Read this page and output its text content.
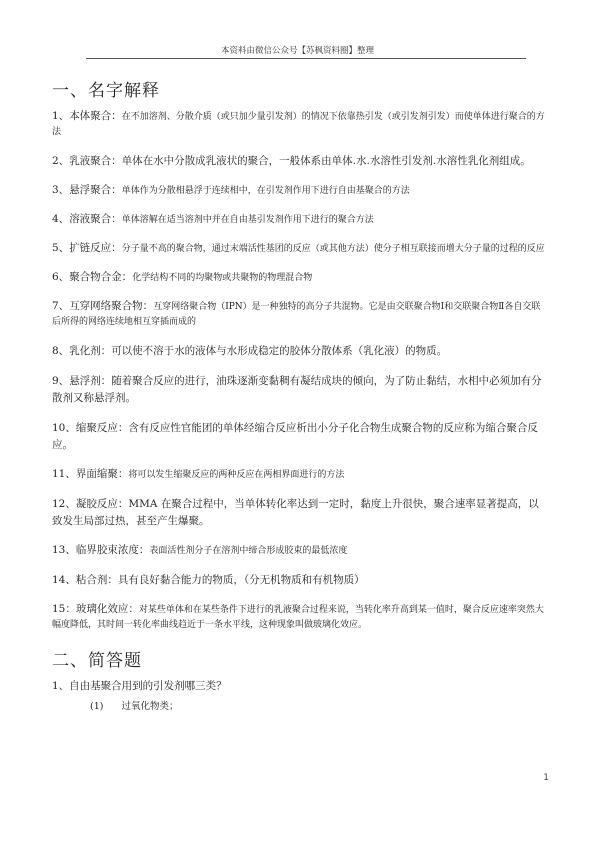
本资料由微信公众号【苏枫资料圈】整理
一、名字解释
1、本体聚合：在不加溶剂、分散介质（或只加少量引发剂）的情况下依靠热引发（或引发剂引发）而使单体进行聚合的方法
2、乳液聚合：单体在水中分散成乳液状的聚合，一般体系由单体.水.水溶性引发剂.水溶性乳化剂组成。
3、悬浮聚合：单体作为分散相悬浮于连续相中，在引发剂作用下进行自由基聚合的方法
4、溶液聚合：单体溶解在适当溶剂中并在自由基引发剂作用下进行的聚合方法
5、扩链反应：分子量不高的聚合物，通过末端活性基团的反应（或其他方法）使分子相互联接而增大分子量的过程的反应
6、聚合物合金：化学结构不同的均聚物或共聚物的物理混合物
7、互穿网络聚合物：互穿网络聚合物（IPN）是一种独特的高分子共混物。它是由交联聚合物Ⅰ和交联聚合物Ⅱ各自交联后所得的网络连续地相互穿插而成的
8、乳化剂：可以使不溶于水的液体与水形成稳定的胶体分散体系（乳化液）的物质。
9、悬浮剂：随着聚合反应的进行，油珠逐渐变黏稠有凝结成块的倾向，为了防止黏结，水相中必须加有分散剂又称悬浮剂。
10、缩聚反应：含有反应性官能团的单体经缩合反应析出小分子化合物生成聚合物的反应称为缩合聚合反应。
11、界面缩聚：将可以发生缩聚反应的两种反应在两相界面进行的方法
12、凝胶反应：MMA 在聚合过程中，当单体转化率达到一定时，黏度上升很快，聚合速率显著提高，以致发生局部过热，甚至产生爆聚。
13、临界胶束浓度：表面活性剂分子在溶剂中缔合形成胶束的最低浓度
14、粘合剂：具有良好黏合能力的物质，（分无机物质和有机物质）
15：玻璃化效应：对某些单体和在某些条件下进行的乳液聚合过程来说，当转化率升高到某一值时，聚合反应速率突然大幅度降低，其时间一转化率曲线趋近于一条水平线，这种现象叫做玻璃化效应。
二、简答题
1、自由基聚合用到的引发剂哪三类？
(1) 过氧化物类；
1
